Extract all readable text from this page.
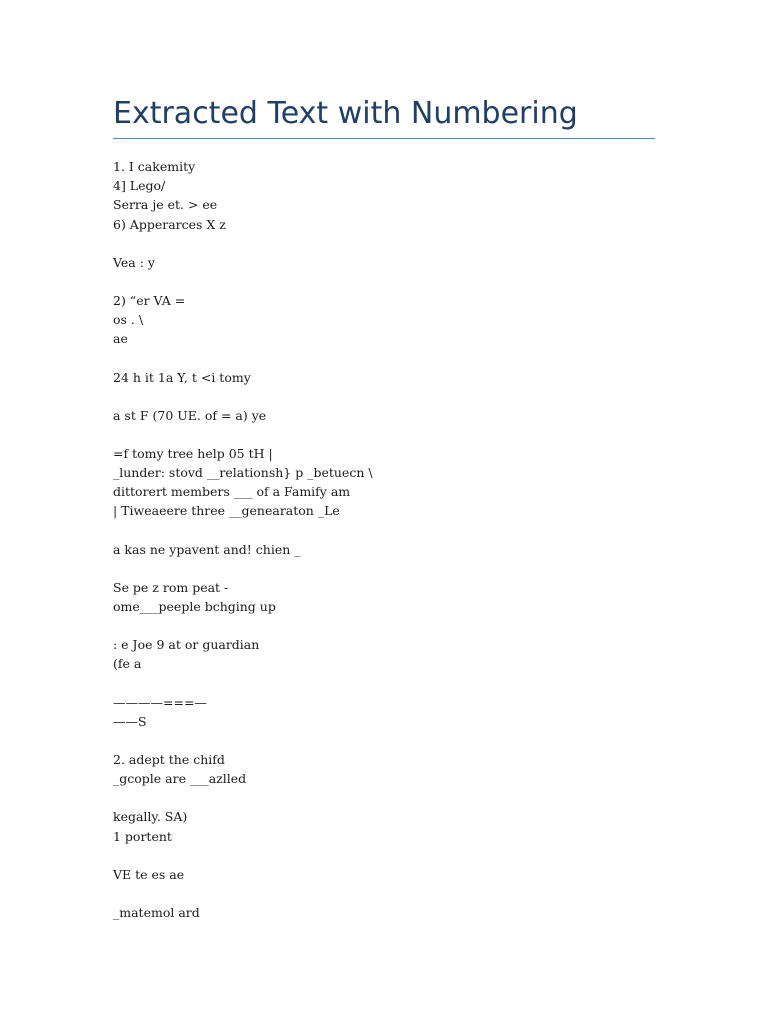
Extracted Text with Numbering
1. I cakemity
4] Lego/
Serra je et. > ee
6) Apperarces X z
Vea : y
2) “er VA =
os . \
ae
24 h it 1a Y, t <i tomy
a st F (70 UE. of = a) ye
=f tomy tree help 05 tH |
_lunder: stovd __relationsh} p _betuecn \
dittorert members ___ of a Famify am
| Tiweaeere three __genearaton _Le
a kas ne ypavent and! chien _
Se pe z rom peat -
ome___peeple bchging up
: e Joe 9 at or guardian
(fe a
————===—
——S
2. adept the chifd
_gcople are ___azlled
kegally. SA)
1 portent
VE te es ae
_matemol ard
